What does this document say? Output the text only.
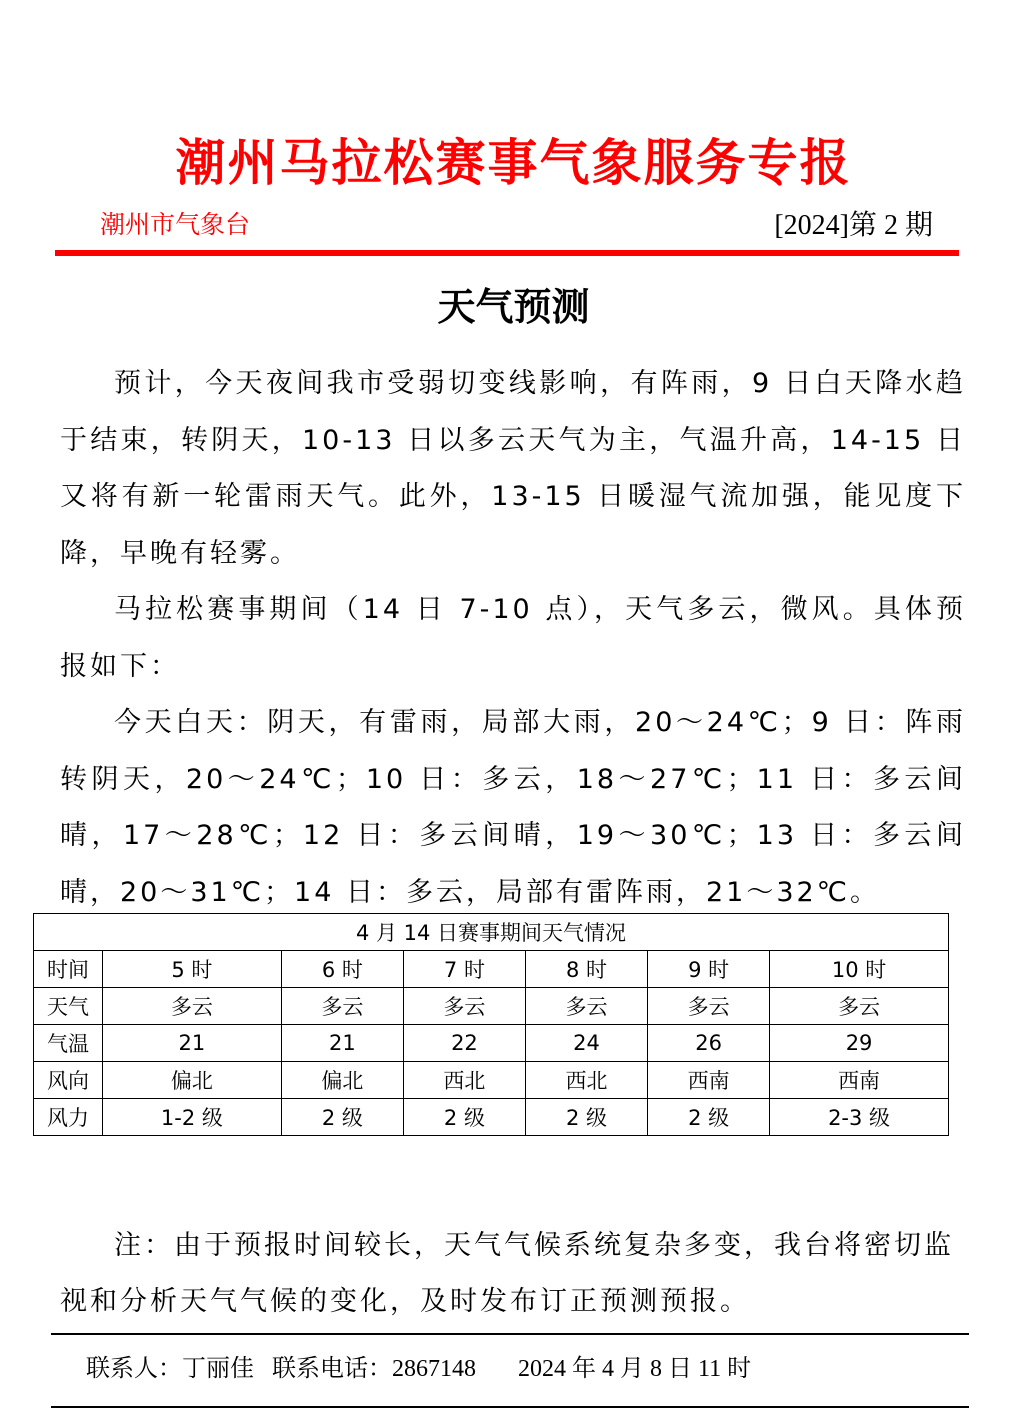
潮州马拉松赛事气象服务专报
潮州市气象台	[2024]第 2 期
天气预测

预计，今天夜间我市受弱切变线影响，有阵雨，9 日白天降水趋于结束，转阴天，10-13 日以多云天气为主，气温升高，14-15 日又将有新一轮雷雨天气。此外，13-15 日暖湿气流加强，能见度下降，早晚有轻雾。

马拉松赛事期间（14 日 7-10 点），天气多云，微风。具体预报如下：

今天白天：阴天，有雷雨，局部大雨，20～24℃；9 日：阵雨转阴天，20～24℃；10 日：多云，18～27℃；11 日：多云间晴，17～28℃；12 日：多云间晴，19～30℃；13 日：多云间晴，20～31℃；14 日：多云，局部有雷阵雨，21～32℃。

4 月 14 日赛事期间天气情况						
时间	5 时	6 时	7 时	8 时	9 时	10 时
天气	多云	多云	多云	多云	多云	多云
气温	21	21	22	24	26	29
风向	偏北	偏北	西北	西北	西南	西南
风力	1-2 级	2 级	2 级	2 级	2 级	2-3 级
注：由于预报时间较长，天气气候系统复杂多变，我台将密切监视和分析天气气候的变化，及时发布订正预测预报。
联系人：丁丽佳 联系电话：2867148 2024 年 4 月 8 日 11 时
